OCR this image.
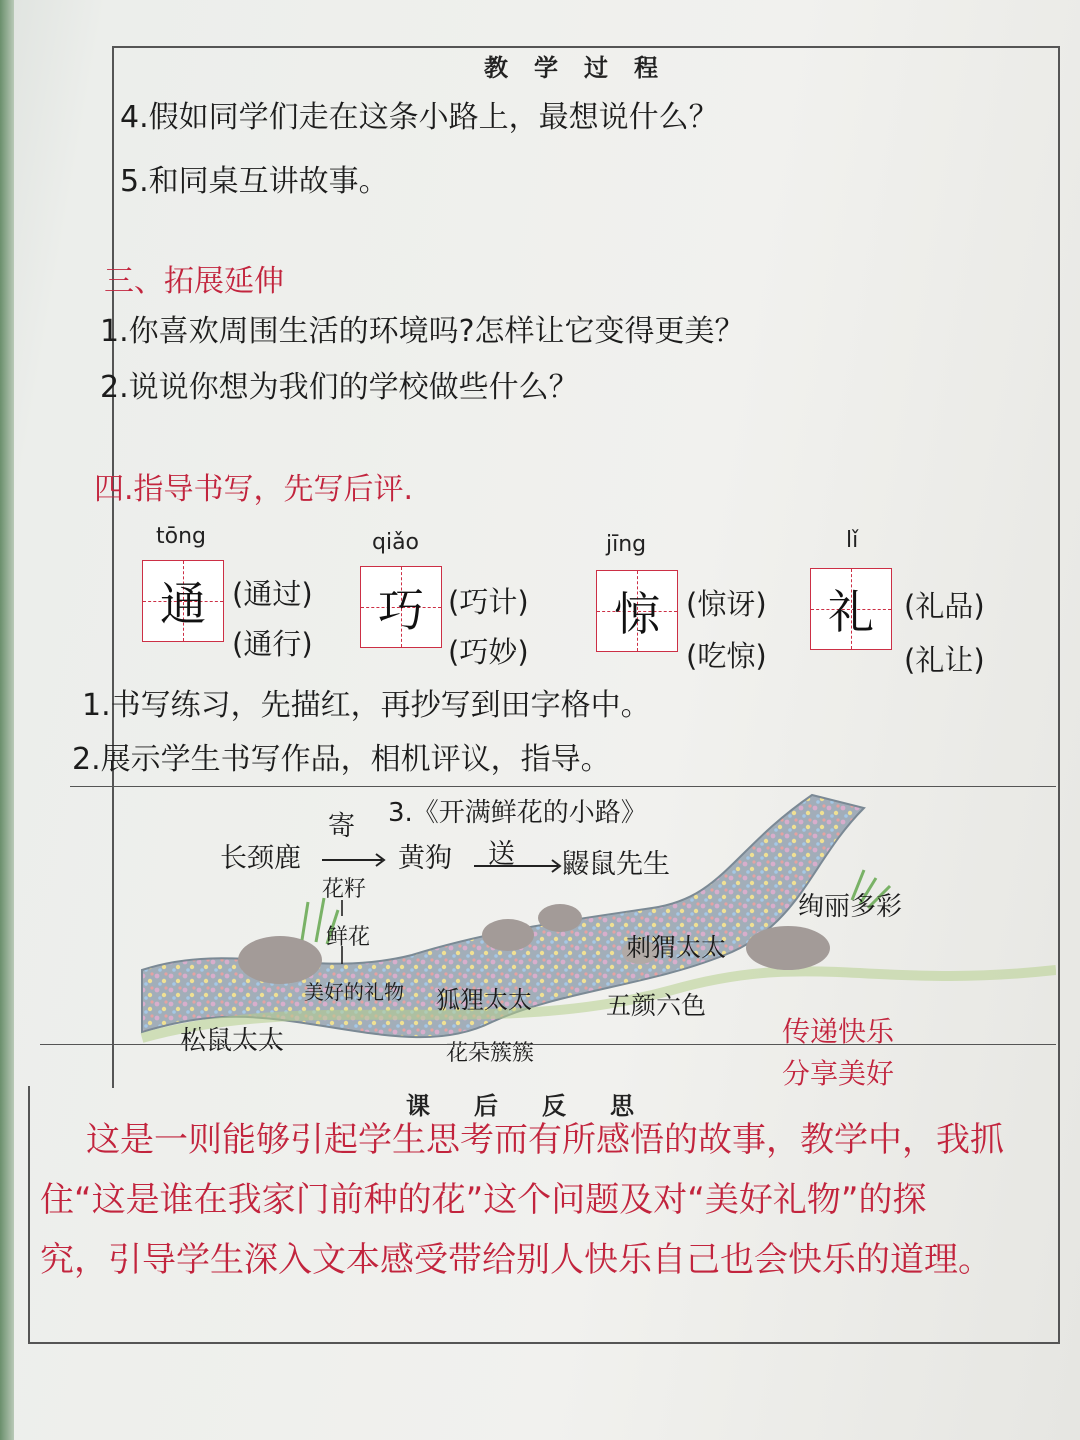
教学过程
4.假如同学们走在这条小路上，最想说什么？
5.和同桌互讲故事。
三、拓展延伸
1.你喜欢周围生活的环境吗?怎样让它变得更美？
2.说说你想为我们的学校做些什么？
四.指导书写，先写后评.
tōng
通 (通过)
(通行)
qiǎo
巧 (巧计)
(巧妙)
jīng
惊 (惊讶)
(吃惊)
lǐ
礼	(礼品)
(礼让)
1.书写练习，先描红，再抄写到田字格中。
2.展示学生书写作品，相机评议，指导。
3.《开满鲜花的小路》
长颈鹿
寄
黄狗 送 鼹鼠先生
花籽
鲜花
美好的礼物
绚丽多彩
刺猬太太
狐狸太太	五颜六色
松鼠太太	花朵簇簇
传递快乐
分享美好
课后反思
这是一则能够引起学生思考而有所感悟的故事，教学中，我抓
住“这是谁在我家门前种的花”这个问题及对“美好礼物”的探
究，引导学生深入文本感受带给别人快乐自己也会快乐的道理。
